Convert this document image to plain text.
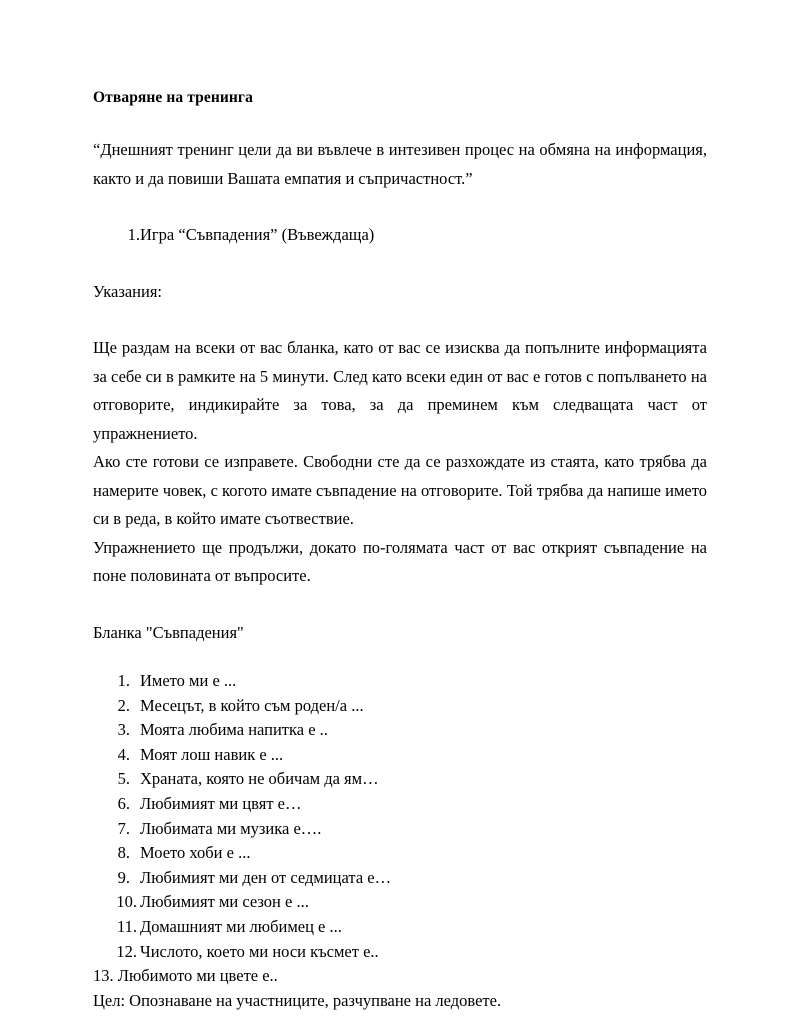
Отваряне на тренинга

“Днешният тренинг цели да ви въвлече в интезивен процес на обмяна на информация, както и да повиши Вашата емпатия и съпричастност.”

1. Игра “Съвпадения” (Въвеждаща)

Указания:

Ще раздам на всеки от вас бланка, като от вас се изисква да попълните информацията за себе си в рамките на 5 минути. След като всеки един от вас е готов с попълването на отговорите, индикирайте за това, за да преминем към следващата част от упражнението.

Ако сте готови се изправете. Свободни сте да се разхождате из стаята, като трябва да намерите човек, с когото имате съвпадение на отговорите. Той трябва да напише името си в реда, в който имате съотвествие.

Упражнението ще продължи, докато по-голямата част от вас открият съвпадение на поне половината от въпросите.

Бланка "Съвпадения"

1. Името ми е ...
2. Месецът, в който съм роден/а ...
3. Моята любима напитка е ..
4. Моят лош навик е ...
5. Храната, която не обичам да ям…
6. Любимият ми цвят е…
7. Любимата ми музика е….
8. Моето хоби е ...
9. Любимият ми ден от седмицата е…
10. Любимият ми сезон е ...
11. Домашният ми любимец е ...
12. Числото, което ми носи късмет е..

13. Любимото ми цвете е..

Цел: Опознаване на участниците, разчупване на ледовете.
